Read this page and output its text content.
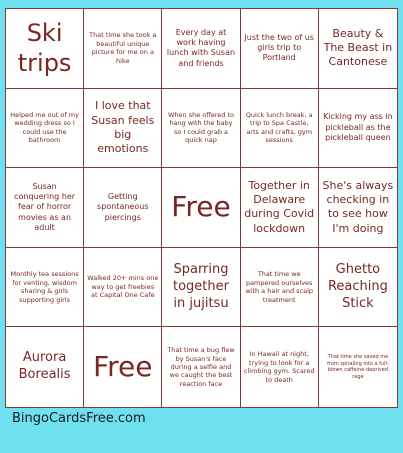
Ski trips
That time she took a beautiful unique picture for me on a hike
Every day at work having lunch with Susan and friends
Just the two of us girls trip to Portland
Beauty & The Beast in Cantonese
Helped me out of my wedding dress so I could use the bathroom
I love that Susan feels big emotions
When she offered to hang with the baby so I could grab a quick nap
Quick lunch break, a trip to Spa Castle, arts and crafts, gym sessions
Kicking my ass in pickleball as the pickleball queen
Susan conquering her fear of horror movies as an adult
Getting spontaneous piercings	Free
Together in Delaware during Covid lockdown
She's always checking in to see how I'm doing
Monthly tea sessions for venting, wisdom sharing & girls supporting girls
Walked 20+ mins one way to get freebies at Capital One Cafe
Sparring together in jujitsu
That time we pampered ourselves with a hair and scalp treatment
Ghetto Reaching Stick
Aurora Borealis Free	That time a bug flew by Susan's face during a selfie and we caught the best reaction face
In Hawaii at night, trying to look for a climbing gym. Scared to death
That time she saved me from spiraling into a full-blown caffeine-deprived rage
BingoCardsFree.com
